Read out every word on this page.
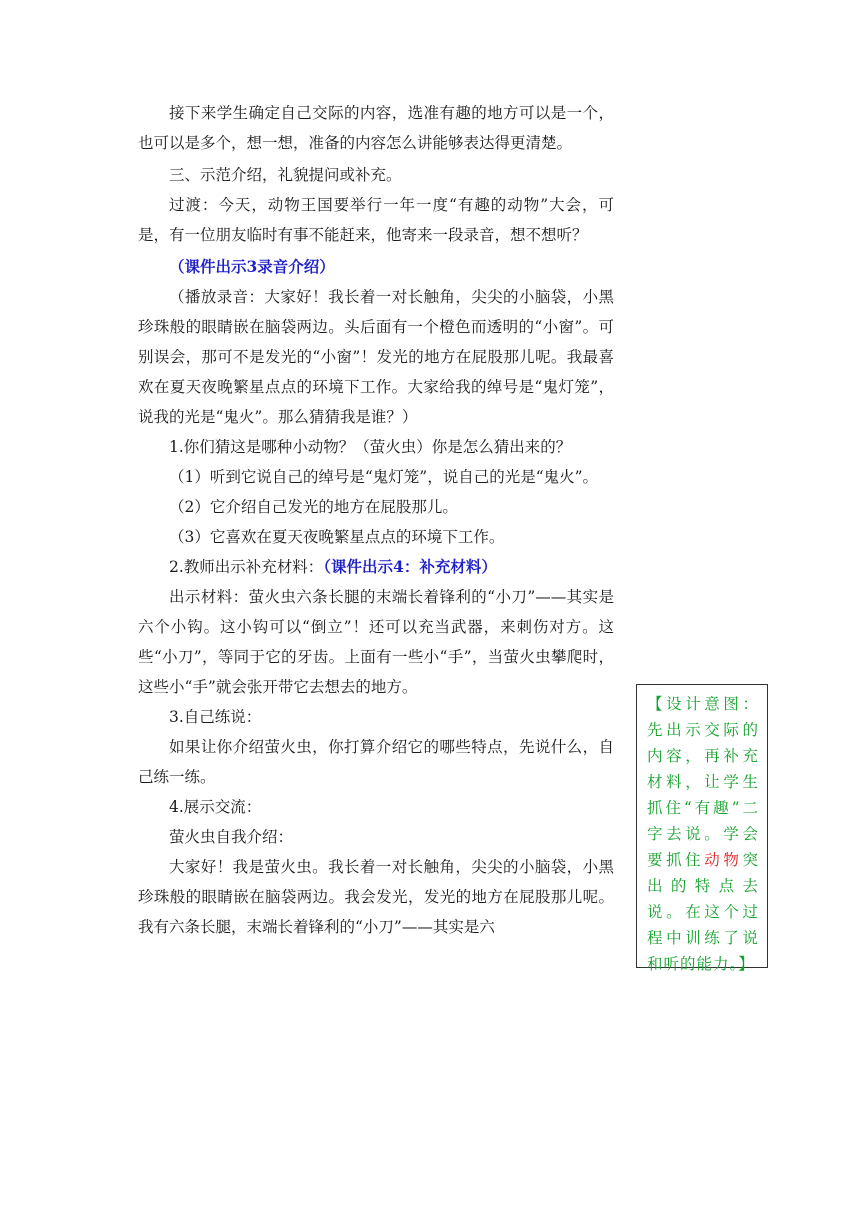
接下来学生确定自己交际的内容，选准有趣的地方可以是一个，也可以是多个，想一想，准备的内容怎么讲能够表达得更清楚。

三、示范介绍，礼貌提问或补充。

过渡：今天，动物王国要举行一年一度“有趣的动物”大会，可是，有一位朋友临时有事不能赶来，他寄来一段录音，想不想听？

（课件出示3录音介绍）

（播放录音：大家好！我长着一对长触角，尖尖的小脑袋，小黑珍珠般的眼睛嵌在脑袋两边。头后面有一个橙色而透明的“小窗”。可别误会，那可不是发光的“小窗”！发光的地方在屁股那儿呢。我最喜欢在夏天夜晚繁星点点的环境下工作。大家给我的绰号是“鬼灯笼”，说我的光是“鬼火”。那么猜猜我是谁？）

1.你们猜这是哪种小动物？（萤火虫）你是怎么猜出来的？

（1）听到它说自己的绰号是“鬼灯笼”，说自己的光是“鬼火”。

（2）它介绍自己发光的地方在屁股那儿。

（3）它喜欢在夏天夜晚繁星点点的环境下工作。

2.教师出示补充材料：（课件出示4：补充材料）

出示材料：萤火虫六条长腿的末端长着锋利的“小刀”——其实是六个小钩。这小钩可以“倒立”！还可以充当武器，来刺伤对方。这些“小刀”，等同于它的牙齿。上面有一些小“手”，当萤火虫攀爬时，这些小“手”就会张开带它去想去的地方。

3.自己练说：

如果让你介绍萤火虫，你打算介绍它的哪些特点，先说什么，自己练一练。

4.展示交流：

萤火虫自我介绍：

大家好！我是萤火虫。我长着一对长触角，尖尖的小脑袋，小黑珍珠般的眼睛嵌在脑袋两边。我会发光，发光的地方在屁股那儿呢。我有六条长腿，末端长着锋利的“小刀”——其实是六

【设计意图：先出示交际的内容，再补充材料，让学生抓住“有趣”二字去说。学会要抓住动物突出的特点去说。在这个过程中训练了说和听的能力。】
